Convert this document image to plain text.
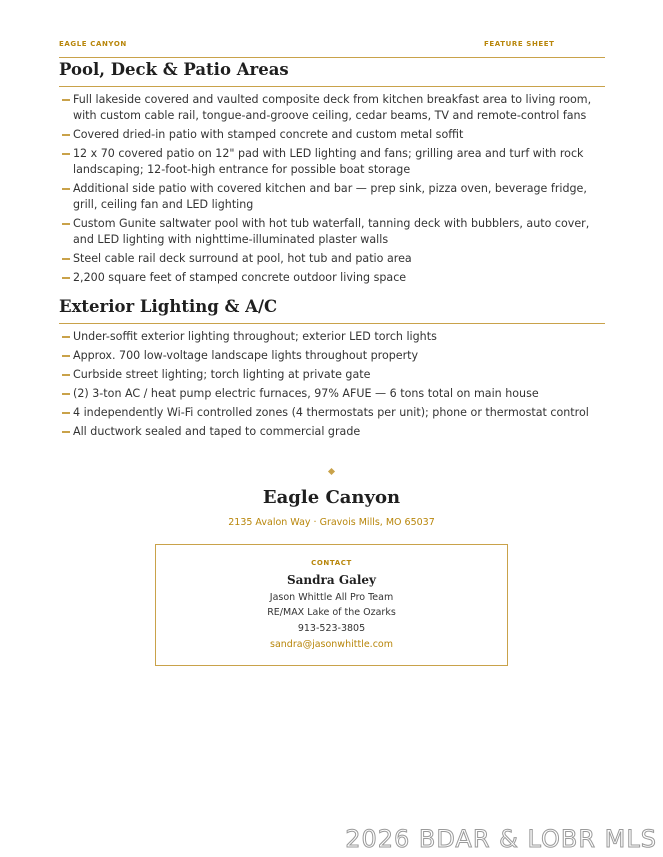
EAGLE CANYON	FEATURE SHEET
Pool, Deck & Patio Areas
Full lakeside covered and vaulted composite deck from kitchen breakfast area to living room, with custom cable rail, tongue-and-groove ceiling, cedar beams, TV and remote-control fans
Covered dried-in patio with stamped concrete and custom metal soffit
12 x 70 covered patio on 12" pad with LED lighting and fans; grilling area and turf with rock landscaping; 12-foot-high entrance for possible boat storage
Additional side patio with covered kitchen and bar — prep sink, pizza oven, beverage fridge, grill, ceiling fan and LED lighting
Custom Gunite saltwater pool with hot tub waterfall, tanning deck with bubblers, auto cover, and LED lighting with nighttime-illuminated plaster walls
Steel cable rail deck surround at pool, hot tub and patio area
2,200 square feet of stamped concrete outdoor living space
Exterior Lighting & A/C
Under-soffit exterior lighting throughout; exterior LED torch lights
Approx. 700 low-voltage landscape lights throughout property
Curbside street lighting; torch lighting at private gate
(2) 3-ton AC / heat pump electric furnaces, 97% AFUE — 6 tons total on main house
4 independently Wi-Fi controlled zones (4 thermostats per unit); phone or thermostat control
All ductwork sealed and taped to commercial grade
Eagle Canyon
2135 Avalon Way · Gravois Mills, MO 65037
CONTACT
Sandra Galey
Jason Whittle All Pro Team
RE/MAX Lake of the Ozarks
913-523-3805
sandra@jasonwhittle.com
2026 BDAR & LOBR MLS
